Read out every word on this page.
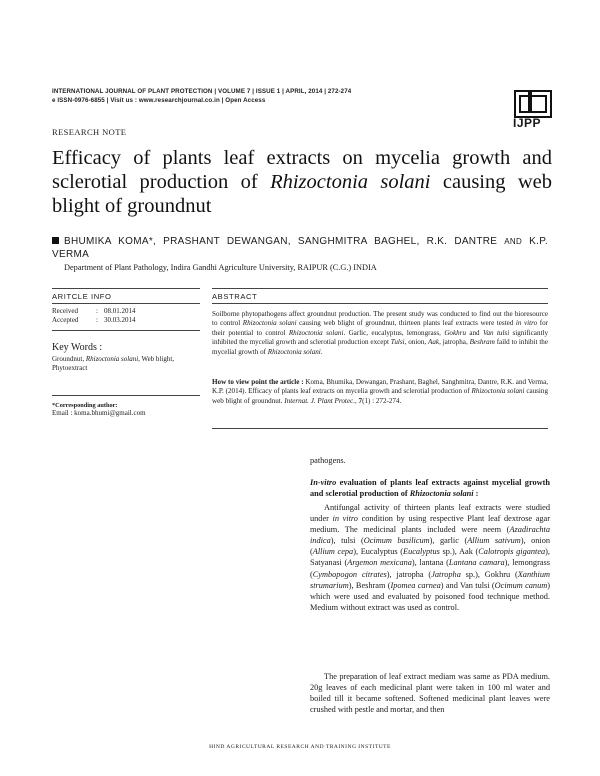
INTERNATIONAL JOURNAL OF PLANT PROTECTION | VOLUME 7 | ISSUE 1 | APRIL, 2014 | 272-274
e ISSN-0976-6855 | Visit us : www.researchjournal.co.in | Open Access
IJPP
RESEARCH NOTE
Efficacy of plants leaf extracts on mycelia growth and sclerotial production of Rhizoctonia solani causing web blight of groundnut
BHUMIKA KOMA*, PRASHANT DEWANGAN, SANGHMITRA BAGHEL, R.K. DANTRE AND K.P. VERMA
Department of Plant Pathology, Indira Gandhi Agriculture University, RAIPUR (C.G.) INDIA
ARITCLE INFO
Received	: 08.01.2014
Accepted	: 30.03.2014
Key Words :
Groundnut, Rhizoctonia solani, Web blight, Phytoextract
*Corresponding author:
Email : koma.bhumi@gmail.com
ABSTRACT
Soilborne phytopathogens affect groundnut production. The present study was conducted to find out the bioresource to control Rhizoctonia solani causing web blight of groundnut, thirteen plants leaf extracts were tested in vitro for their potential to control Rhizoctonia solani. Garlic, eucalyptus, lemongrass, Gokhru and Van tulsi significantly inhibited the mycelial growth and sclerotial production except Tulsi, onion, Aak, jatropha, Beshram faild to inhibit the mycelial growth of Rhizoctonia solani.
How to view point the article : Koma, Bhumika, Dewangan, Prashant, Baghel, Sanghmitra, Dantre, R.K. and Verma, K.P. (2014). Efficacy of plants leaf extracts on mycelia growth and sclerotial production of Rhizoctonia solani causing web blight of groundnut. Internat. J. Plant Protec., 7(1) : 272-274.
pathogens.
In-vitro evaluation of plants leaf extracts against mycelial growth and sclerotial production of Rhizoctonia solani :
Antifungal activity of thirteen plants leaf extracts were studied under in vitro condition by using respective Plant leaf dextrose agar medium. The medicinal plants included were neem (Azadirachta indica), tulsi (Ocimum basilicum), garlic (Allium sativum), onion (Allium cepa), Eucalyptus (Eucalyptus sp.), Aak (Calotropis gigantea), Satyanasi (Argemon mexicana), lantana (Lantana camara), lemongrass (Cymbopogon citrates), jatropha (Jatropha sp.), Gokhru (Xanthium strumarium), Beshram (Ipomea carnea) and Van tulsi (Ocimum canum) which were used and evaluated by poisoned food technique method. Medium without extract was used as control.
The preparation of leaf extract mediam was same as PDA medium. 20g leaves of each medicinal plant were taken in 100 ml water and boiled till it became softened. Softened medicinal plant leaves were crushed with pestle and mortar, and then
HIND AGRICULTURAL RESEARCH AND TRAINING INSTITUTE
